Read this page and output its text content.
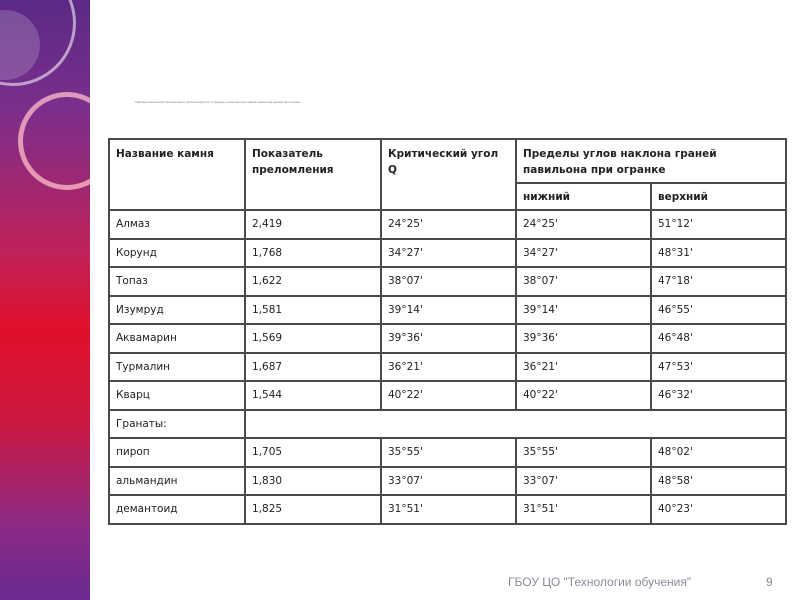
Таблица показателей преломления, критический угол и пределы углов наклона граней павильона камней при огранке
Название камня	Показатель преломления	Критический угол Q	Пределы углов наклона граней павильона при огранке	
			нижний	верхний
Алмаз	2,419	24°25'	24°25'	51°12'
Корунд	1,768	34°27'	34°27'	48°31'
Топаз	1,622	38°07'	38°07'	47°18'
Изумруд	1,581	39°14'	39°14'	46°55'
Аквамарин	1,569	39°36'	39°36'	46°48'
Турмалин	1,687	36°21'	36°21'	47°53'
Кварц	1,544	40°22'	40°22'	46°32'
Гранаты:				
пироп	1,705	35°55'	35°55'	48°02'
альмандин	1,830	33°07'	33°07'	48°58'
демантоид	1,825	31°51'	31°51'	40°23'
ГБОУ ЦО "Технологии обучения"	9
